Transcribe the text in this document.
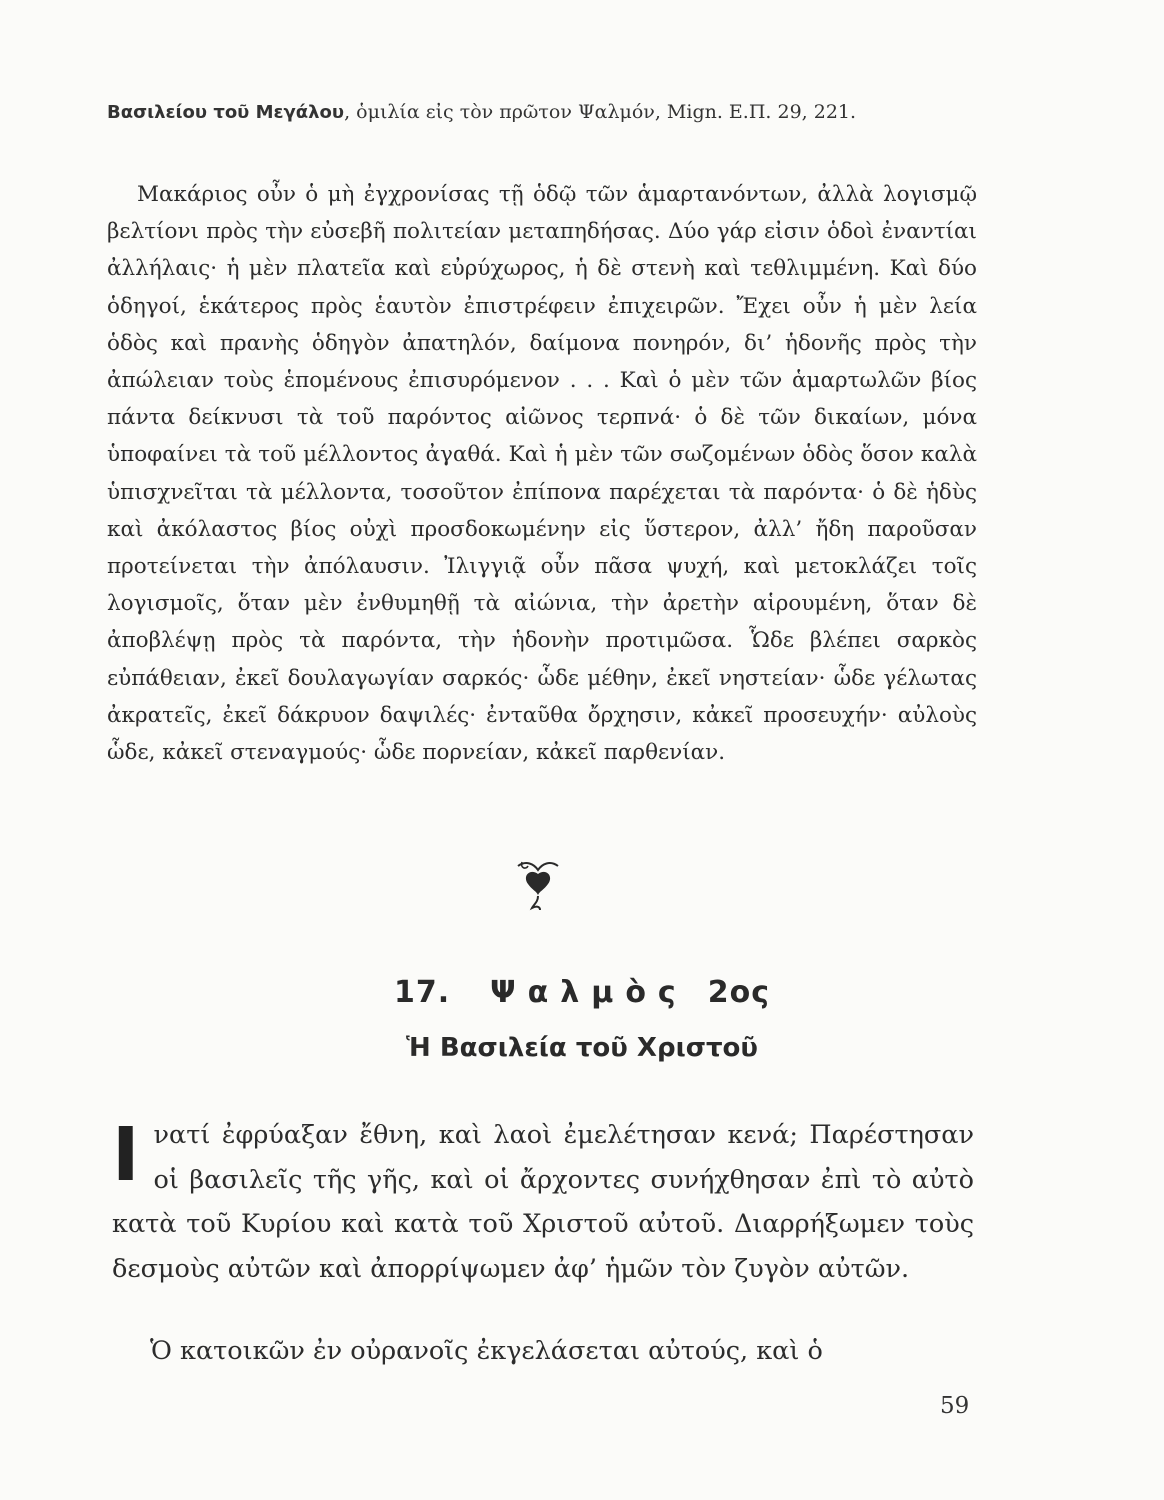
Βασιλείου τοῦ Μεγάλου, ὁμιλία εἰς τὸν πρῶτον Ψαλμόν, Mign. Ε.Π. 29, 221.

Μακάριος οὖν ὁ μὴ ἐγχρονίσας τῇ ὁδῷ τῶν ἁμαρτανόντων, ἀλλὰ λογισμῷ βελτίονι πρὸς τὴν εὐσεβῆ πολιτείαν μεταπηδήσας. Δύο γάρ εἰσιν ὁδοὶ ἐναντίαι ἀλλήλαις· ἡ μὲν πλατεῖα καὶ εὐρύχωρος, ἡ δὲ στενὴ καὶ τεθλιμμένη. Καὶ δύο ὁδηγοί, ἑκάτερος πρὸς ἑαυτὸν ἐπιστρέφειν ἐπιχειρῶν. Ἔχει οὖν ἡ μὲν λεία ὁδὸς καὶ πρανὴς ὁδηγὸν ἀπατηλόν, δαίμονα πονηρόν, δι’ ἡδονῆς πρὸς τὴν ἀπώλειαν τοὺς ἑπομένους ἐπισυρόμενον . . . Καὶ ὁ μὲν τῶν ἁμαρτωλῶν βίος πάντα δείκνυσι τὰ τοῦ παρόντος αἰῶνος τερπνά· ὁ δὲ τῶν δικαίων, μόνα ὑποφαίνει τὰ τοῦ μέλλοντος ἀγαθά. Καὶ ἡ μὲν τῶν σωζομένων ὁδὸς ὅσον καλὰ ὑπισχνεῖται τὰ μέλλοντα, τοσοῦτον ἐπίπονα παρέχεται τὰ παρόντα· ὁ δὲ ἡδὺς καὶ ἀκόλαστος βίος οὐχὶ προσδοκωμένην εἰς ὕστερον, ἀλλ’ ἤδη παροῦσαν προτείνεται τὴν ἀπόλαυσιν. Ἰλιγγιᾷ οὖν πᾶσα ψυχή, καὶ μετοκλάζει τοῖς λογισμοῖς, ὅταν μὲν ἐνθυμηθῇ τὰ αἰώνια, τὴν ἀρετὴν αἱρουμένη, ὅταν δὲ ἀποβλέψῃ πρὸς τὰ παρόντα, τὴν ἡδονὴν προτιμῶσα. Ὧδε βλέπει σαρκὸς εὐπάθειαν, ἐκεῖ δουλαγωγίαν σαρκός· ὧδε μέθην, ἐκεῖ νηστείαν· ὧδε γέλωτας ἀκρατεῖς, ἐκεῖ δάκρυον δαψιλές· ἐνταῦθα ὄρχησιν, κἀκεῖ προσευχήν· αὐλοὺς ὧδε, κἀκεῖ στεναγμούς· ὧδε πορνείαν, κἀκεῖ παρθενίαν.

17. Ψαλμὸς 2ος
Ἡ Βασιλεία τοῦ Χριστοῦ

Ινατί ἐφρύαξαν ἔθνη, καὶ λαοὶ ἐμελέτησαν κενά; Παρέστησαν οἱ βασιλεῖς τῆς γῆς, καὶ οἱ ἄρχοντες συνήχθησαν ἐπὶ τὸ αὐτὸ κατὰ τοῦ Κυρίου καὶ κατὰ τοῦ Χριστοῦ αὐτοῦ. Διαρρήξωμεν τοὺς δεσμοὺς αὐτῶν καὶ ἀπορρίψωμεν ἀφ’ ἡμῶν τὸν ζυγὸν αὐτῶν.

Ὁ κατοικῶν ἐν οὐρανοῖς ἐκγελάσεται αὐτούς, καὶ ὁ

59
